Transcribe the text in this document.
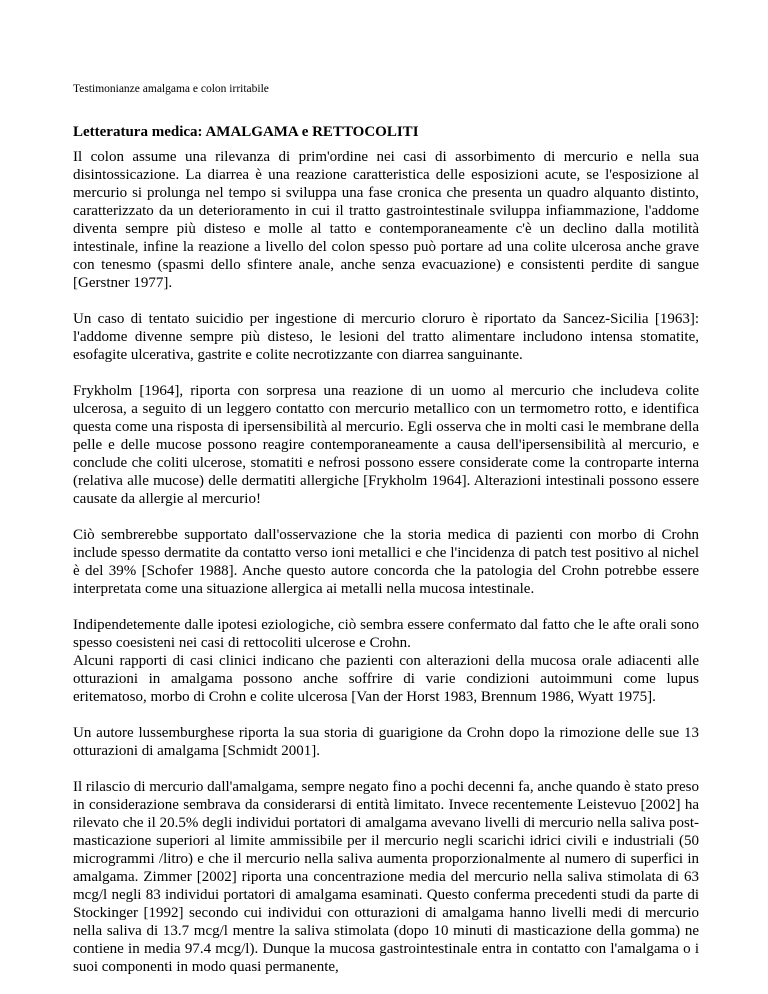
Testimonianze amalgama e colon irritabile
Letteratura medica: AMALGAMA e RETTOCOLITI

Il colon assume una rilevanza di prim'ordine nei casi di assorbimento di mercurio e nella sua disintossicazione. La diarrea è una reazione caratteristica delle esposizioni acute, se l'esposizione al mercurio si prolunga nel tempo si sviluppa una fase cronica che presenta un quadro alquanto distinto, caratterizzato da un deterioramento in cui il tratto gastrointestinale sviluppa infiammazione, l'addome diventa sempre più disteso e molle al tatto e contemporaneamente c'è un declino dalla motilità intestinale, infine la reazione a livello del colon spesso può portare ad una colite ulcerosa anche grave con tenesmo (spasmi dello sfintere anale, anche senza evacuazione) e consistenti perdite di sangue [Gerstner 1977].

Un caso di tentato suicidio per ingestione di mercurio cloruro è riportato da Sancez-Sicilia [1963]: l'addome divenne sempre più disteso, le lesioni del tratto alimentare includono intensa stomatite, esofagite ulcerativa, gastrite e colite necrotizzante con diarrea sanguinante.

Frykholm [1964], riporta con sorpresa una reazione di un uomo al mercurio che includeva colite ulcerosa, a seguito di un leggero contatto con mercurio metallico con un termometro rotto, e identifica questa come una risposta di ipersensibilità al mercurio. Egli osserva che in molti casi le membrane della pelle e delle mucose possono reagire contemporaneamente a causa dell'ipersensibilità al mercurio, e conclude che coliti ulcerose, stomatiti e nefrosi possono essere considerate come la controparte interna (relativa alle mucose) delle dermatiti allergiche [Frykholm 1964]. Alterazioni intestinali possono essere causate da allergie al mercurio!

Ciò sembrerebbe supportato dall'osservazione che la storia medica di pazienti con morbo di Crohn include spesso dermatite da contatto verso ioni metallici e che l'incidenza di patch test positivo al nichel è del 39% [Schofer 1988]. Anche questo autore concorda che la patologia del Crohn potrebbe essere interpretata come una situazione allergica ai metalli nella mucosa intestinale.

Indipendetemente dalle ipotesi eziologiche, ciò sembra essere confermato dal fatto che le afte orali sono spesso coesisteni nei casi di rettocoliti ulcerose e Crohn.

Alcuni rapporti di casi clinici indicano che pazienti con alterazioni della mucosa orale adiacenti alle otturazioni in amalgama possono anche soffrire di varie condizioni autoimmuni come lupus eritematoso, morbo di Crohn e colite ulcerosa [Van der Horst 1983, Brennum 1986, Wyatt 1975].

Un autore lussemburghese riporta la sua storia di guarigione da Crohn dopo la rimozione delle sue 13 otturazioni di amalgama [Schmidt 2001].

Il rilascio di mercurio dall'amalgama, sempre negato fino a pochi decenni fa, anche quando è stato preso in considerazione sembrava da considerarsi di entità limitato. Invece recentemente Leistevuo [2002] ha rilevato che il 20.5% degli individui portatori di amalgama avevano livelli di mercurio nella saliva post-masticazione superiori al limite ammissibile per il mercurio negli scarichi idrici civili e industriali (50 microgrammi /litro) e che il mercurio nella saliva aumenta proporzionalmente al numero di superfici in amalgama. Zimmer [2002] riporta una concentrazione media del mercurio nella saliva stimolata di 63 mcg/l negli 83 individui portatori di amalgama esaminati. Questo conferma precedenti studi da parte di Stockinger [1992] secondo cui individui con otturazioni di amalgama hanno livelli medi di mercurio nella saliva di 13.7 mcg/l mentre la saliva stimolata (dopo 10 minuti di masticazione della gomma) ne contiene in media 97.4 mcg/l). Dunque la mucosa gastrointestinale entra in contatto con l'amalgama o i suoi componenti in modo quasi permanente,
